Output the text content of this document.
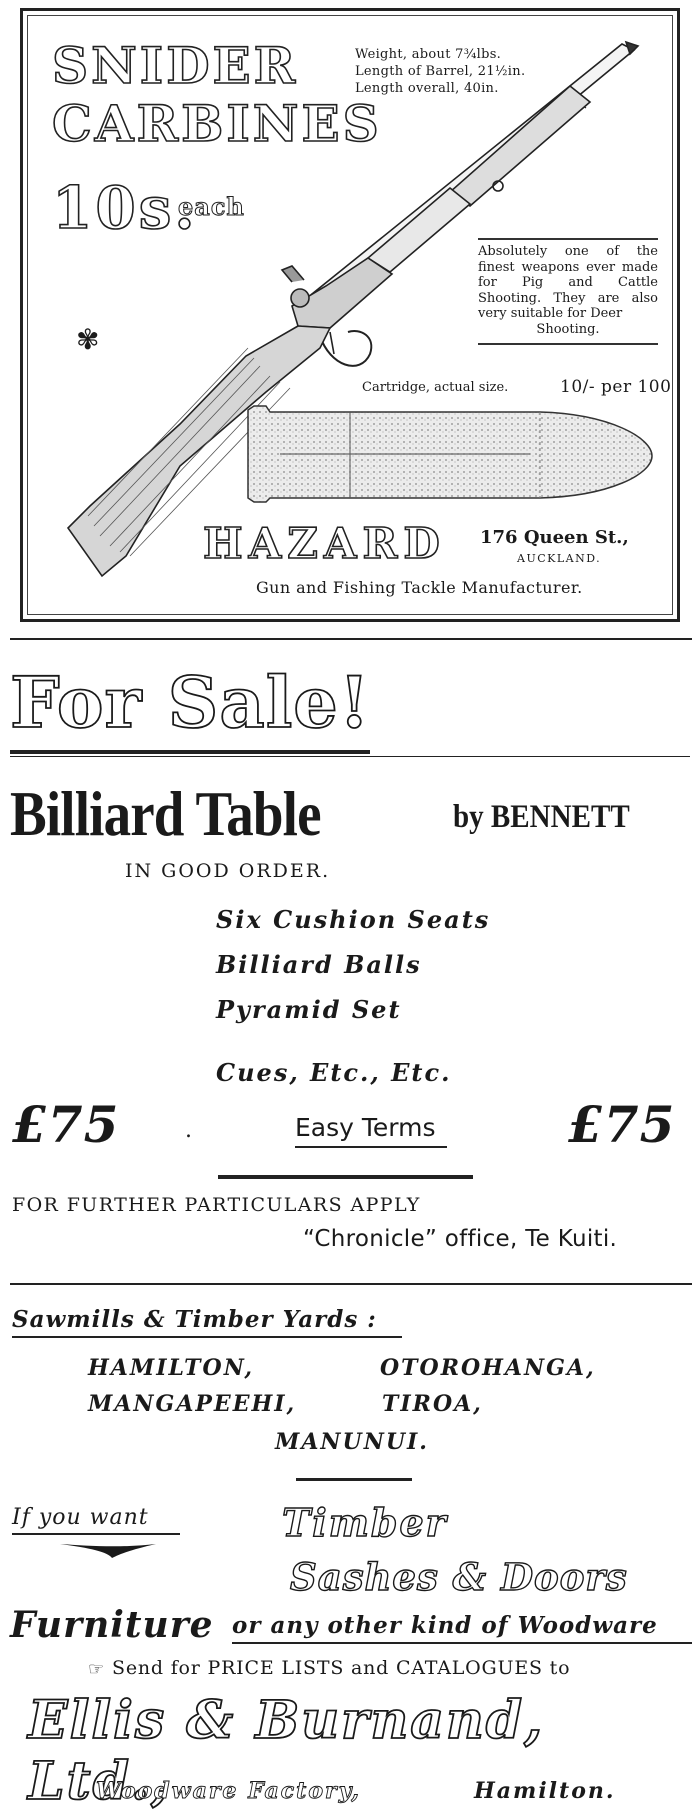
SNIDER
CARBINES
10s.
each
Weight, about 7¾lbs.
Length of Barrel, 21½in.
Length overall, 40in.
Absolutely one of the finest weapons ever made for Pig and Cattle Shooting. They are also very suitable for Deer
Shooting.
Cartridge, actual size.	10/- per 100
✾
HAZARD 176 Queen St.,
AUCKLAND.
Gun and Fishing Tackle Manufacturer.
For Sale!
Billiard Table	by BENNETT
IN GOOD ORDER.
Six Cushion Seats
Billiard Balls
Pyramid Set
Cues, Etc., Etc.
£75	.	Easy Terms	£75
FOR FURTHER PARTICULARS APPLY
“Chronicle” office, Te Kuiti.
Sawmills & Timber Yards :
HAMILTON,	OTOROHANGA,
MANGAPEEHI,	TIROA,
MANUNUI.
If you want	Timber
Sashes & Doors
Furniture or any other kind of Woodware
☞ Send for PRICE LISTS and CATALOGUES to
Ellis & Burnand, Ltd.,
Woodware Factory,	Hamilton.
